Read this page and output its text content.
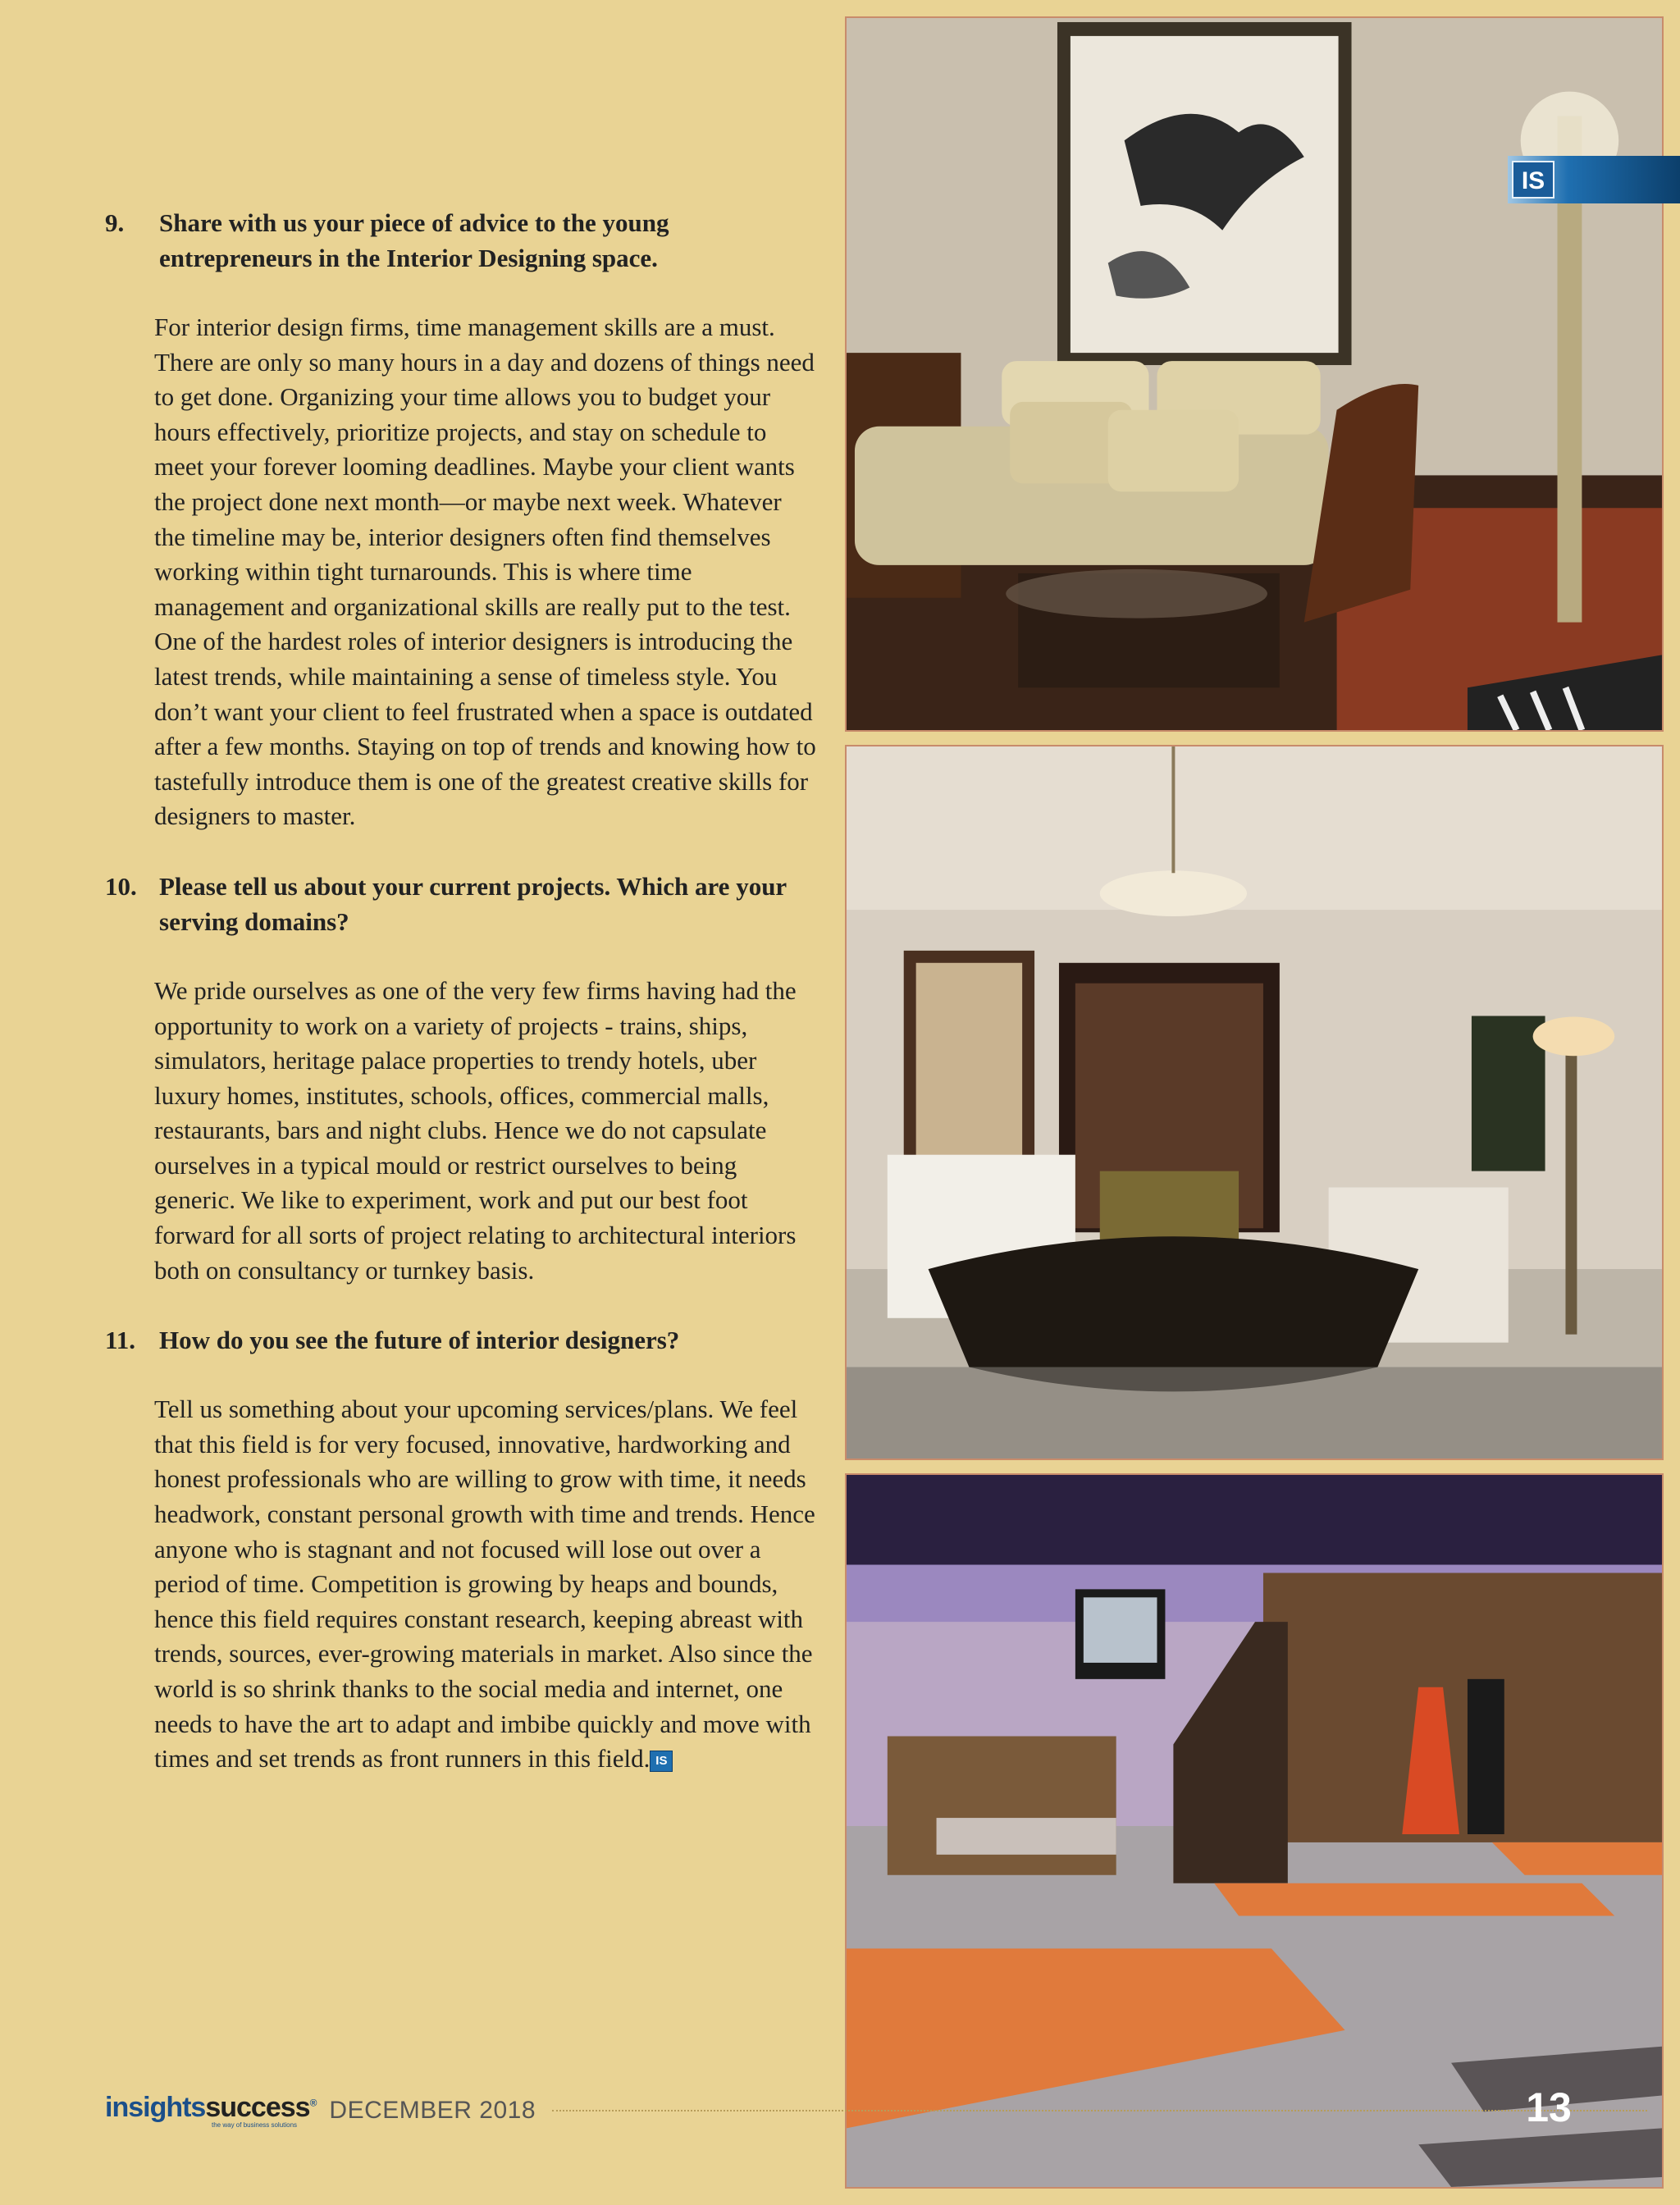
9.	Share with us your piece of advice to the young entrepreneurs in the Interior Designing space.

For interior design firms, time management skills are a must. There are only so many hours in a day and dozens of things need to get done. Organizing your time allows you to budget your hours effectively, prioritize projects, and stay on schedule to meet your forever looming deadlines. Maybe your client wants the project done next month—or maybe next week. Whatever the timeline may be, interior designers often find themselves working within tight turnarounds. This is where time management and organizational skills are really put to the test. One of the hardest roles of interior designers is introducing the latest trends, while maintaining a sense of timeless style. You don’t want your client to feel frustrated when a space is outdated after a few months. Staying on top of trends and knowing how to tastefully introduce them is one of the greatest creative skills for designers to master.

10. Please tell us about your current projects. Which are your serving domains?

We pride ourselves as one of the very few firms having had the opportunity to work on a variety of projects - trains, ships, simulators, heritage palace properties to trendy hotels, uber luxury homes, institutes, schools, offices, commercial malls, restaurants, bars and night clubs. Hence we do not capsulate ourselves in a typical mould or restrict ourselves to being generic. We like to experiment, work and put our best foot forward for all sorts of project relating to architectural interiors both on consultancy or turnkey basis.

11. How do you see the future of interior designers?

Tell us something about your upcoming services/plans. We feel that this field is for very focused, innovative, hardworking and honest professionals who are willing to grow with time, it needs headwork, constant personal growth with time and trends. Hence anyone who is stagnant and not focused will lose out over a period of time. Competition is growing by heaps and bounds, hence this field requires constant research, keeping abreast with trends, sources, ever-growing materials in market. Also since the world is so shrink thanks to the social media and internet, one needs to have the art to adapt and imbibe quickly and move with times and set trends as front runners in this field. IS

IS
insightssuccess®
the way of business solutions
DECEMBER 2018	13
